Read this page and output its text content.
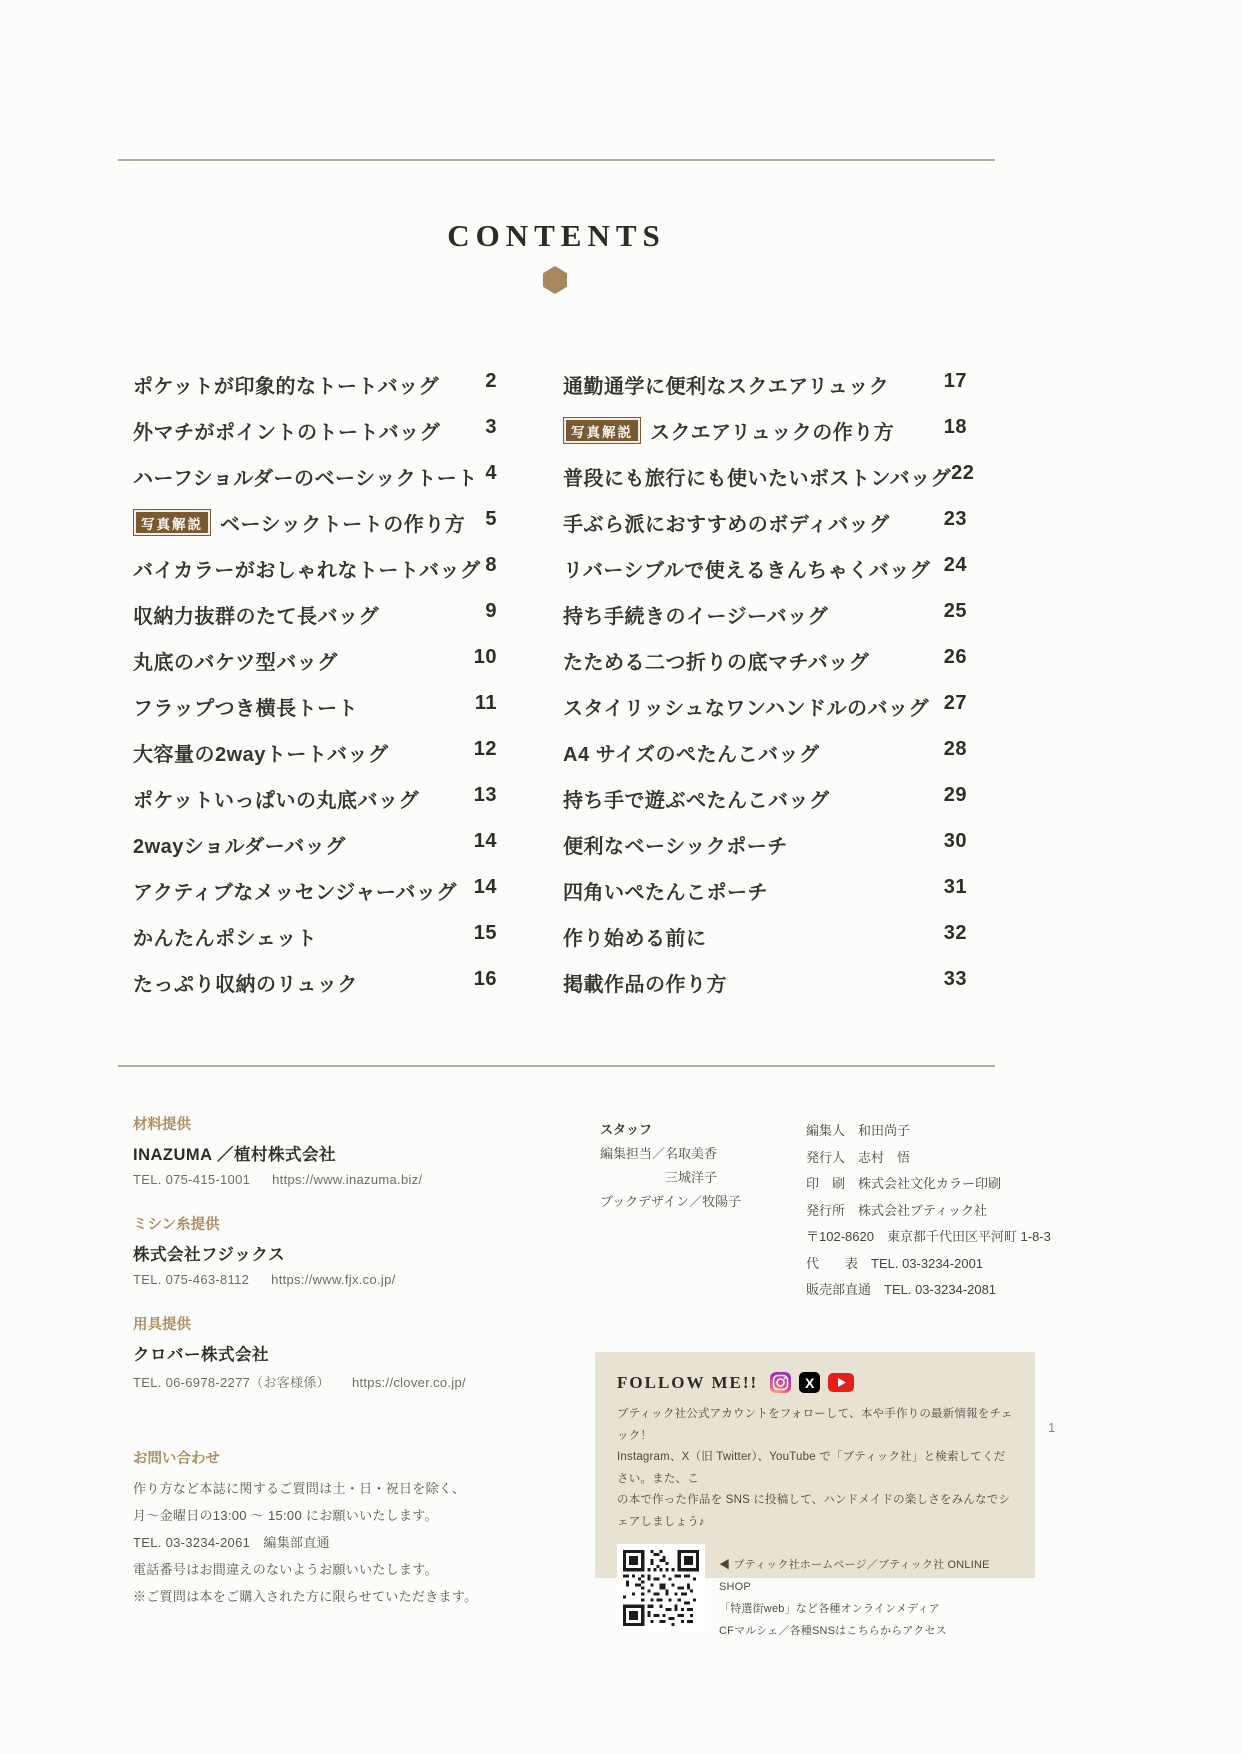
CONTENTS
ポケットが印象的なトートバッグ 2
外マチがポイントのトートバッグ 3
ハーフショルダーのベーシックトート 4
写真解説 ベーシックトートの作り方 5
バイカラーがおしゃれなトートバッグ 8
収納力抜群のたて長バッグ	9
丸底のバケツ型バッグ	10
フラップつき横長トート	11
大容量の2wayトートバッグ	12
ポケットいっぱいの丸底バッグ	13
2wayショルダーバッグ	14
アクティブなメッセンジャーバッグ 14
かんたんポシェット	15
たっぷり収納のリュック	16
通勤通学に便利なスクエアリュック	17
写真解説 スクエアリュックの作り方 18
普段にも旅行にも使いたいボストンバッグ 22
手ぶら派におすすめのボディバッグ	23
リバーシブルで使えるきんちゃくバッグ 24
持ち手続きのイージーバッグ	25
たためる二つ折りの底マチバッグ	26
スタイリッシュなワンハンドルのバッグ 27
A4 サイズのぺたんこバッグ	28
持ち手で遊ぶぺたんこバッグ	29
便利なベーシックポーチ	30
四角いぺたんこポーチ	31
作り始める前に	32
掲載作品の作り方	33
材料提供
INAZUMA ／植村株式会社
TEL. 075-415-1001 https://www.inazuma.biz/
ミシン糸提供
株式会社フジックス
TEL. 075-463-8112 https://www.fjx.co.jp/
用具提供
クロバー株式会社
TEL. 06-6978-2277（お客様係） https://clover.co.jp/
お問い合わせ
作り方など本誌に関するご質問は土・日・祝日を除く、
月〜金曜日の13:00 〜 15:00 にお願いいたします。
TEL. 03-3234-2061　編集部直通
電話番号はお間違えのないようお願いいたします。
※ご質問は本をご購入された方に限らせていただきます。
スタッフ
編集担当／名取美香
三城洋子
ブックデザイン／牧陽子
編集人　和田尚子
発行人　志村　悟
印　刷　株式会社文化カラー印刷
発行所　株式会社ブティック社
〒102-8620　東京都千代田区平河町 1-8-3
代　　表　TEL. 03-3234-2001
販売部直通　TEL. 03-3234-2081
FOLLOW ME!!	X
ブティック社公式アカウントをフォローして、本や手作りの最新情報をチェック！
Instagram、X（旧 Twitter）、YouTube で「ブティック社」と検索してください。また、こ
の本で作った作品を SNS に投稿して、ハンドメイドの楽しさをみんなでシェアしましょう♪
◀ ブティック社ホームページ／ブティック社 ONLINE SHOP
「特選街web」など各種オンラインメディア
CFマルシェ／各種SNSはこちらからアクセス
1
